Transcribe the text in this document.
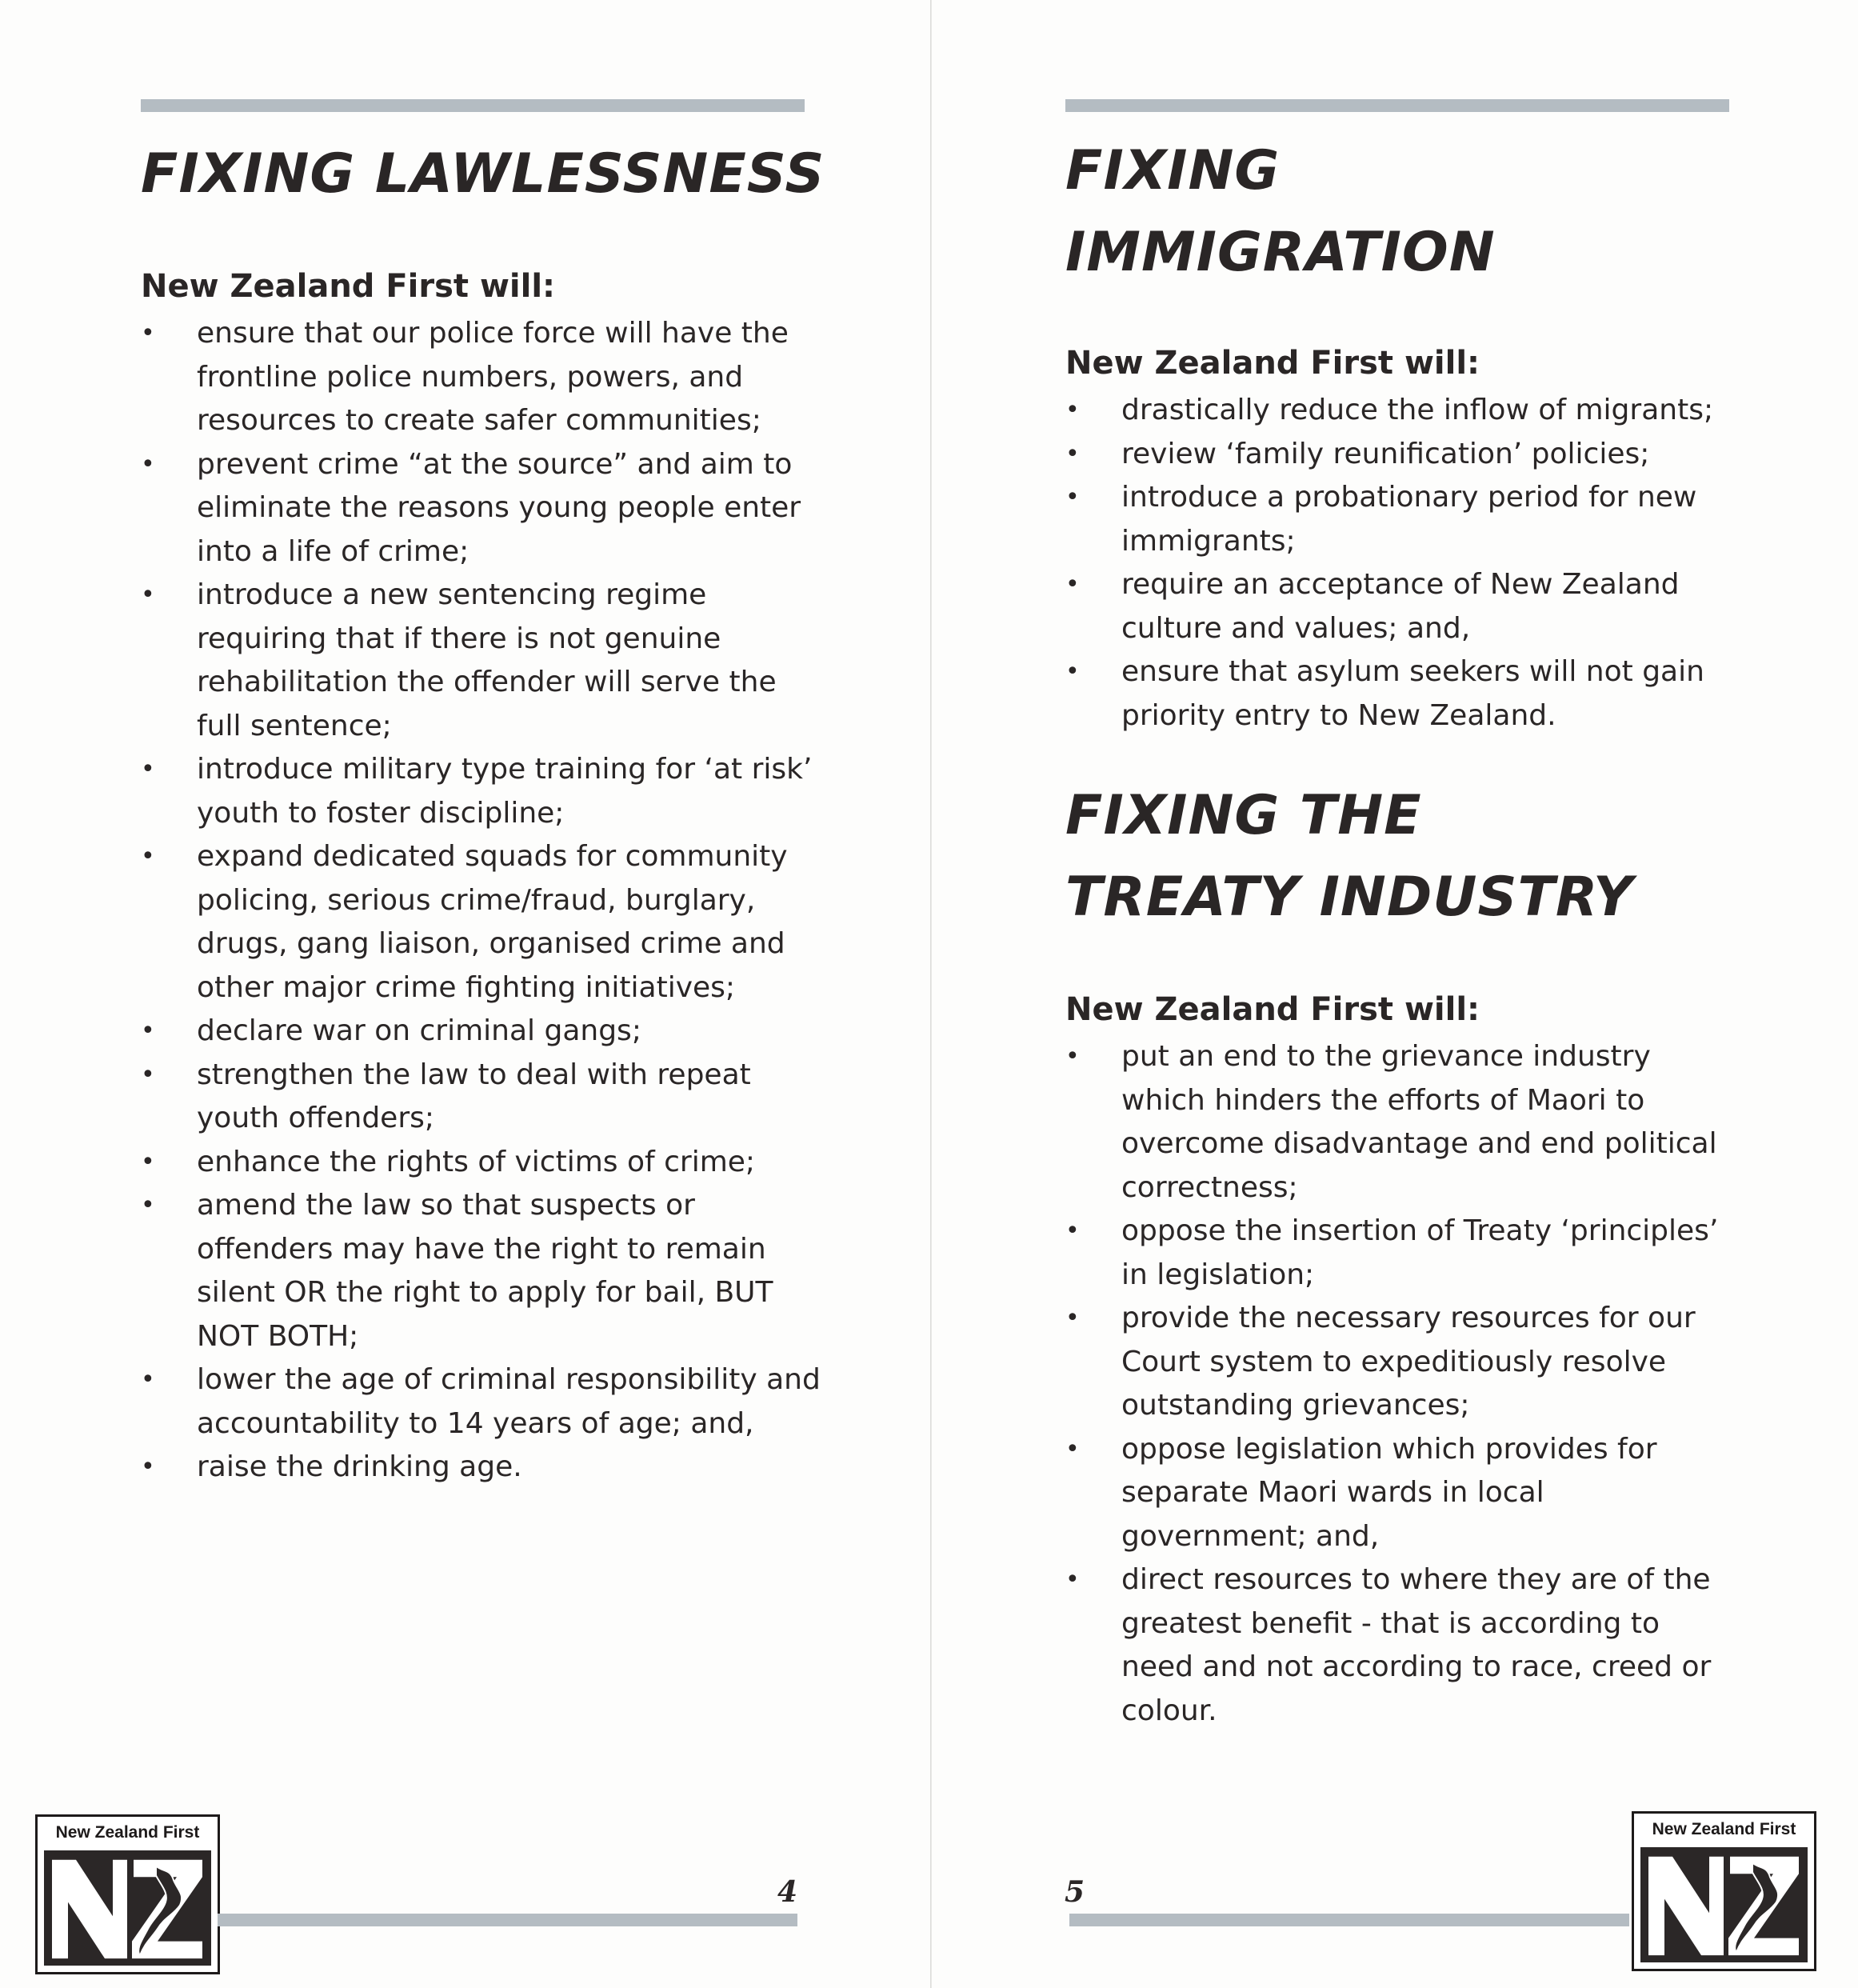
FIXING LAWLESSNESS

New Zealand First will:

• ensure that our police force will have the frontline police numbers, powers, and resources to create safer communities;
• prevent crime “at the source” and aim to eliminate the reasons young people enter into a life of crime;
• introduce a new sentencing regime requiring that if there is not genuine rehabilitation the offender will serve the full sentence;
• introduce military type training for ‘at risk’ youth to foster discipline;
• expand dedicated squads for community policing, serious crime/fraud, burglary, drugs, gang liaison, organised crime and other major crime fighting initiatives;
• declare war on criminal gangs;
• strengthen the law to deal with repeat youth offenders;
• enhance the rights of victims of crime;
• amend the law so that suspects or offenders may have the right to remain silent OR the right to apply for bail, BUT NOT BOTH;
• lower the age of criminal responsibility and accountability to 14 years of age; and,
• raise the drinking age.
New Zealand First
4
FIXING
IMMIGRATION

New Zealand First will:

• drastically reduce the inflow of migrants;
• review ‘family reunification’ policies;
• introduce a probationary period for new immigrants;
• require an acceptance of New Zealand culture and values; and,
• ensure that asylum seekers will not gain priority entry to New Zealand.
FIXING THE
TREATY INDUSTRY

New Zealand First will:

• put an end to the grievance industry which hinders the efforts of Maori to overcome disadvantage and end political correctness;
• oppose the insertion of Treaty ‘principles’ in legislation;
• provide the necessary resources for our Court system to expeditiously resolve outstanding grievances;
• oppose legislation which provides for separate Maori wards in local government; and,
• direct resources to where they are of the greatest benefit - that is according to need and not according to race, creed or colour.
5
New Zealand First
